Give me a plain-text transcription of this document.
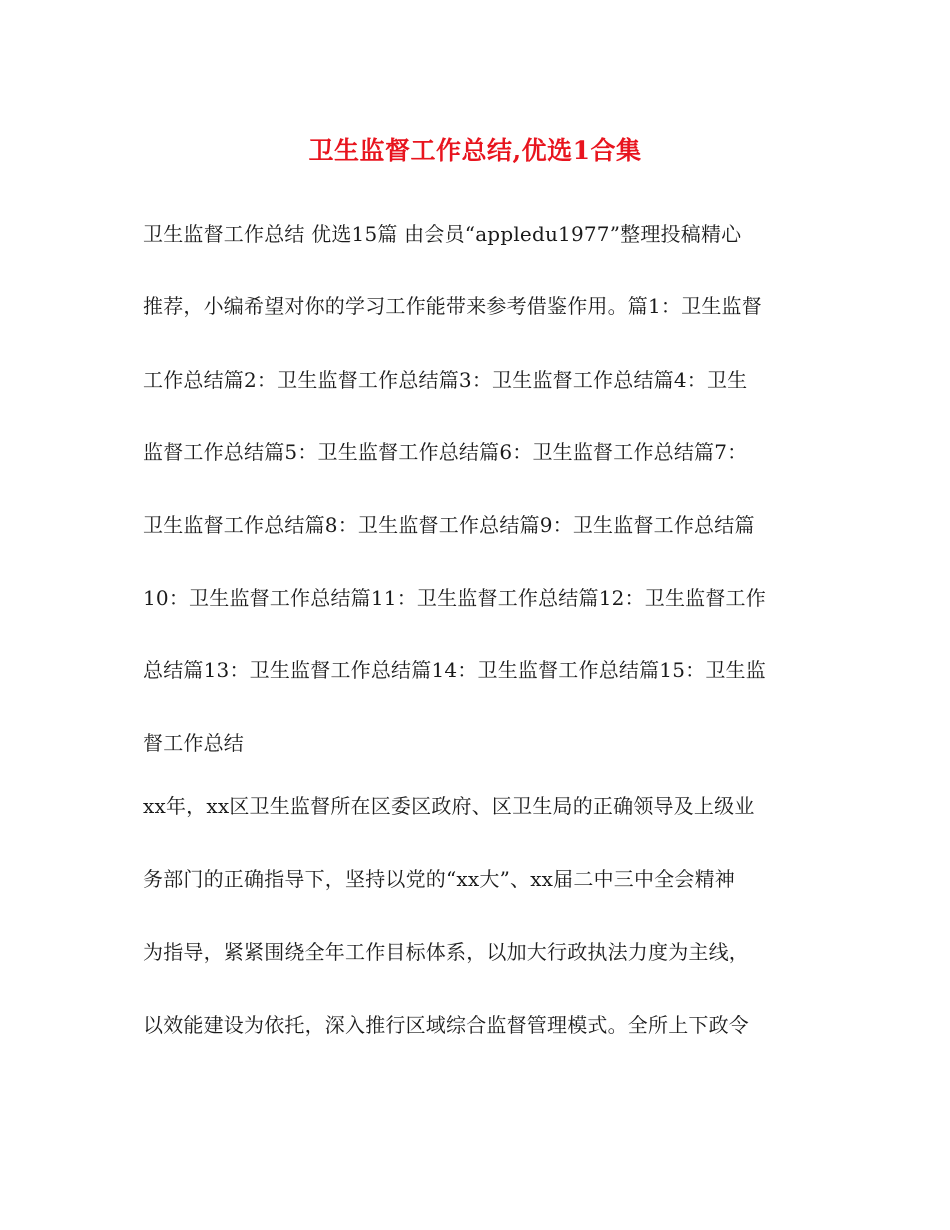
卫生监督工作总结,优选1合集
卫生监督工作总结 优选15篇 由会员“appledu1977”整理投稿精心
推荐，小编希望对你的学习工作能带来参考借鉴作用。篇1：卫生监督
工作总结篇2：卫生监督工作总结篇3：卫生监督工作总结篇4：卫生
监督工作总结篇5：卫生监督工作总结篇6：卫生监督工作总结篇7：
卫生监督工作总结篇8：卫生监督工作总结篇9：卫生监督工作总结篇
10：卫生监督工作总结篇11：卫生监督工作总结篇12：卫生监督工作
总结篇13：卫生监督工作总结篇14：卫生监督工作总结篇15：卫生监
督工作总结
xx年，xx区卫生监督所在区委区政府、区卫生局的正确领导及上级业
务部门的正确指导下，坚持以党的“xx大”、xx届二中三中全会精神
为指导，紧紧围绕全年工作目标体系，以加大行政执法力度为主线，
以效能建设为依托，深入推行区域综合监督管理模式。全所上下政令
